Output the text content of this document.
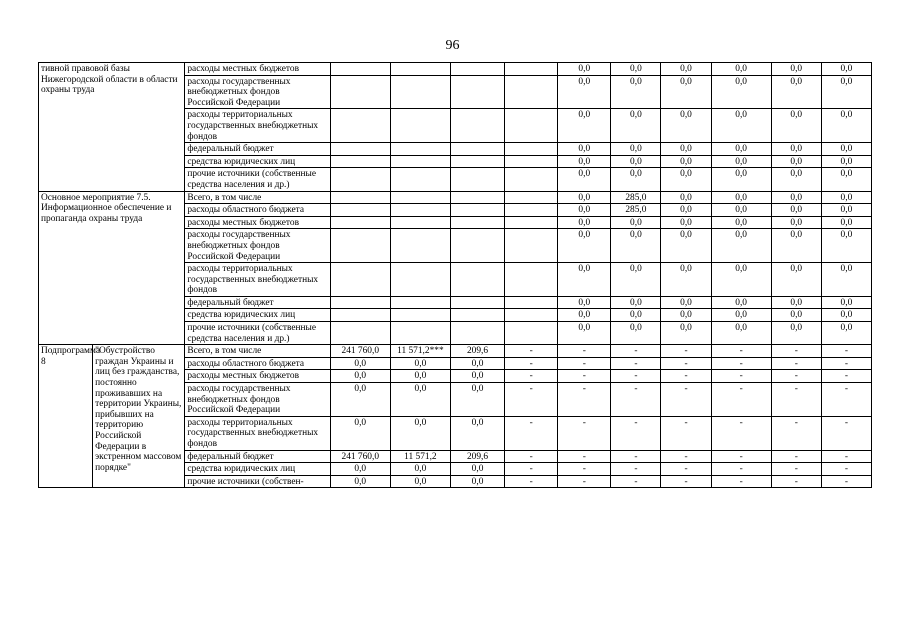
96
тивной правовой базы Нижегородской области в области охраны труда		расходы местных бюджетов					0,0	0,0	0,0	0,0	0,0	0,0
		расходы государственных внебюджетных фондов Российской Федерации					0,0	0,0	0,0	0,0	0,0	0,0
		расходы территориальных государственных внебюджетных фондов					0,0	0,0	0,0	0,0	0,0	0,0
		федеральный бюджет					0,0	0,0	0,0	0,0	0,0	0,0
		средства юридических лиц					0,0	0,0	0,0	0,0	0,0	0,0
		прочие источники (собственные средства населения и др.)					0,0	0,0	0,0	0,0	0,0	0,0
Основное мероприятие 7.5. Информационное обеспечение и пропаганда охраны труда		Всего, в том числе					0,0	285,0	0,0	0,0	0,0	0,0
		расходы областного бюджета					0,0	285,0	0,0	0,0	0,0	0,0
		расходы местных бюджетов					0,0	0,0	0,0	0,0	0,0	0,0
		расходы государственных внебюджетных фондов Российской Федерации					0,0	0,0	0,0	0,0	0,0	0,0
		расходы территориальных государственных внебюджетных фондов					0,0	0,0	0,0	0,0	0,0	0,0
		федеральный бюджет					0,0	0,0	0,0	0,0	0,0	0,0
		средства юридических лиц					0,0	0,0	0,0	0,0	0,0	0,0
		прочие источники (собственные средства населения и др.)					0,0	0,0	0,0	0,0	0,0	0,0
Подпрограмма 8	"Обустройство граждан Украины и лиц без гражданства, постоянно проживавших на территории Украины, прибывших на территорию Российской Федерации в экстренном массовом порядке"	Всего, в том числе	241 760,0	11 571,2***	209,6	-	-	-	-	-	-	-
		расходы областного бюджета	0,0	0,0	0,0	-	-	-	-	-	-	-
		расходы местных бюджетов	0,0	0,0	0,0	-	-	-	-	-	-	-
		расходы государственных внебюджетных фондов Российской Федерации	0,0	0,0	0,0	-	-	-	-	-	-	-
		расходы территориальных государственных внебюджетных фондов	0,0	0,0	0,0	-	-	-	-	-	-	-
		федеральный бюджет	241 760,0	11 571,2	209,6	-	-	-	-	-	-	-
		средства юридических лиц	0,0	0,0	0,0	-	-	-	-	-	-	-
		прочие источники (собствен-	0,0	0,0	0,0	-	-	-	-	-	-	-
